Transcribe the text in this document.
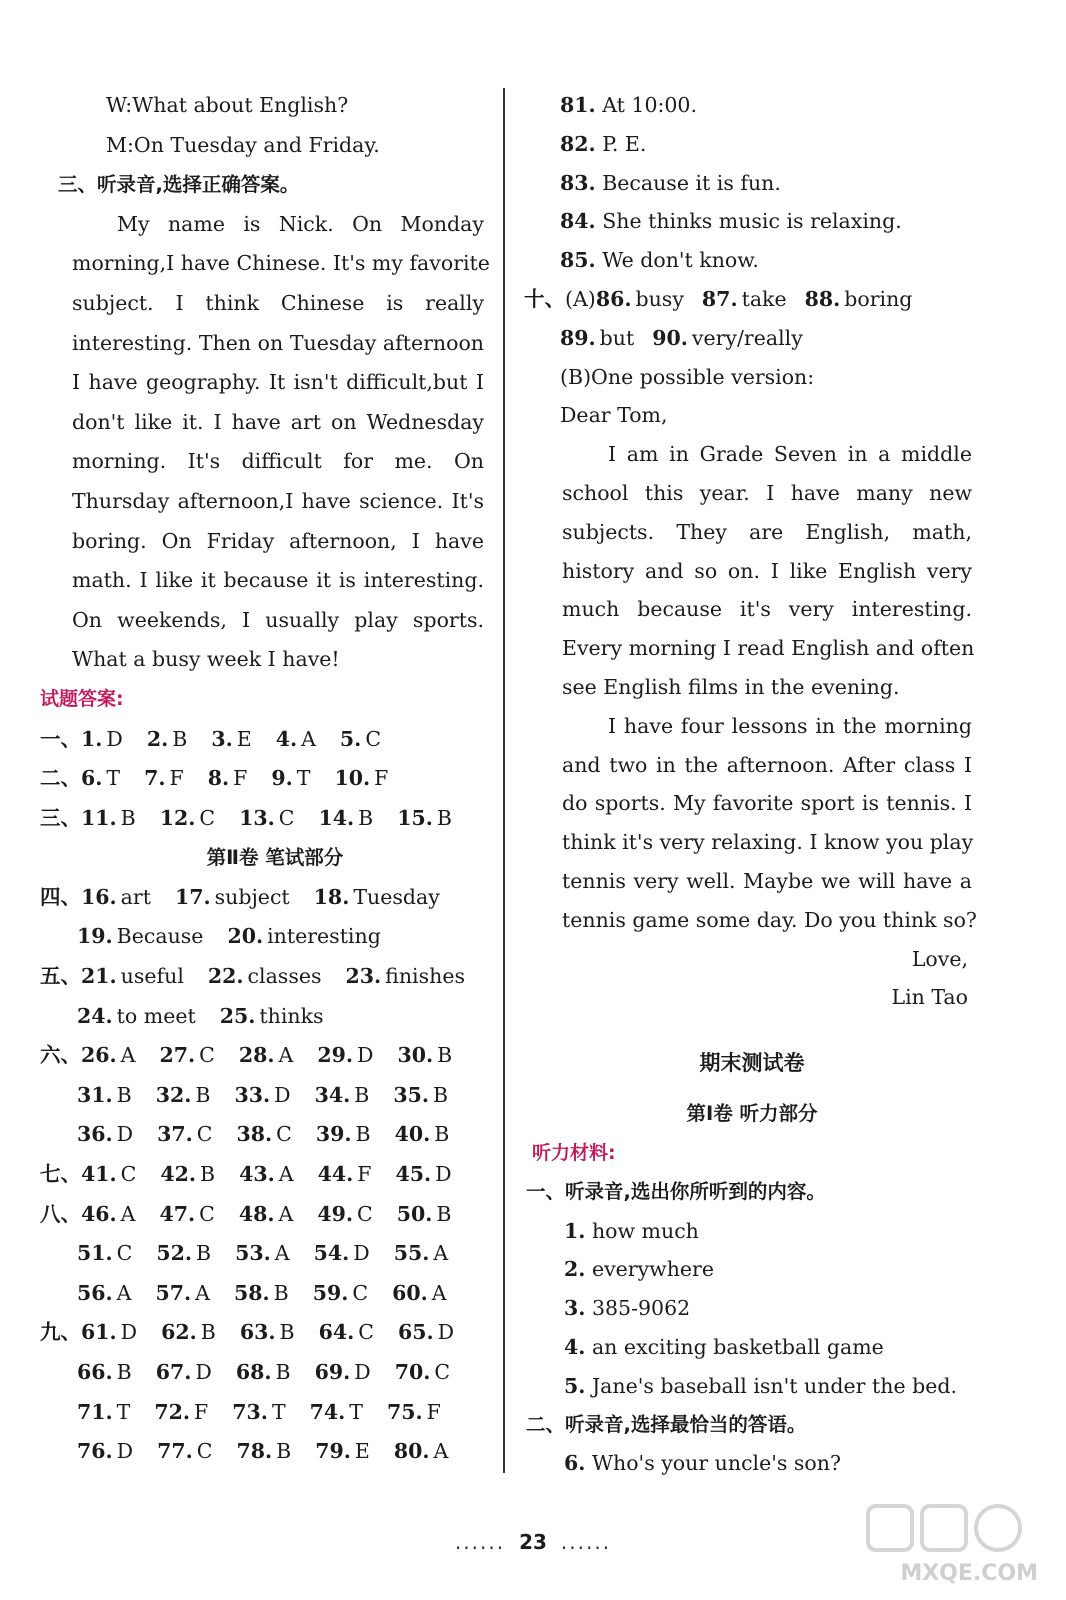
W:What about English?
M:On Tuesday and Friday.
三、听录音,选择正确答案。
My name is Nick. On Monday
morning,I have Chinese. It's my favorite
subject. I think Chinese is really
interesting. Then on Tuesday afternoon
I have geography. It isn't difficult,but I
don't like it. I have art on Wednesday
morning. It's difficult for me. On
Thursday afternoon,I have science. It's
boring. On Friday afternoon, I have
math. I like it because it is interesting.
On weekends, I usually play sports.
What a busy week I have!
试题答案:
一、 1. D 2. B 3. E 4. A 5. C
二、 6. T 7. F 8. F 9. T 10. F
三、 11. B 12. C 13. C 14. B 15. B
第Ⅱ卷 笔试部分
四、 16. art 17. subject 18. Tuesday
19. Because 20. interesting
五、 21. useful 22. classes 23. finishes
24. to meet 25. thinks
六、 26. A 27. C 28. A 29. D 30. B
31. B 32. B 33. D 34. B 35. B
36. D 37. C 38. C 39. B 40. B
七、 41. C 42. B 43. A 44. F 45. D
八、 46. A 47. C 48. A 49. C 50. B
51. C 52. B 53. A 54. D 55. A
56. A 57. A 58. B 59. C 60. A
九、 61. D 62. B 63. B 64. C 65. D
66. B 67. D 68. B 69. D 70. C
71. T 72. F 73. T 74. T 75. F
76. D 77. C 78. B 79. E 80. A
81. At 10:00.
82. P. E.
83. Because it is fun.
84. She thinks music is relaxing.
85. We don't know.
十、 (A) 86. busy 87. take 88. boring
89. but 90. very/really
(B)One possible version:
Dear Tom,
I am in Grade Seven in a middle
school this year. I have many new
subjects. They are English, math,
history and so on. I like English very
much because it's very interesting.
Every morning I read English and often
see English films in the evening.
I have four lessons in the morning
and two in the afternoon. After class I
do sports. My favorite sport is tennis. I
think it's very relaxing. I know you play
tennis very well. Maybe we will have a
tennis game some day. Do you think so?
Love,
Lin Tao
期末测试卷
第Ⅰ卷 听力部分
听力材料:
一、听录音,选出你所听到的内容。
1. how much
2. everywhere
3. 385-9062
4. an exciting basketball game
5. Jane's baseball isn't under the bed.
二、听录音,选择最恰当的答语。
6. Who's your uncle's son?
...... 23 ......
MXQE.COM
